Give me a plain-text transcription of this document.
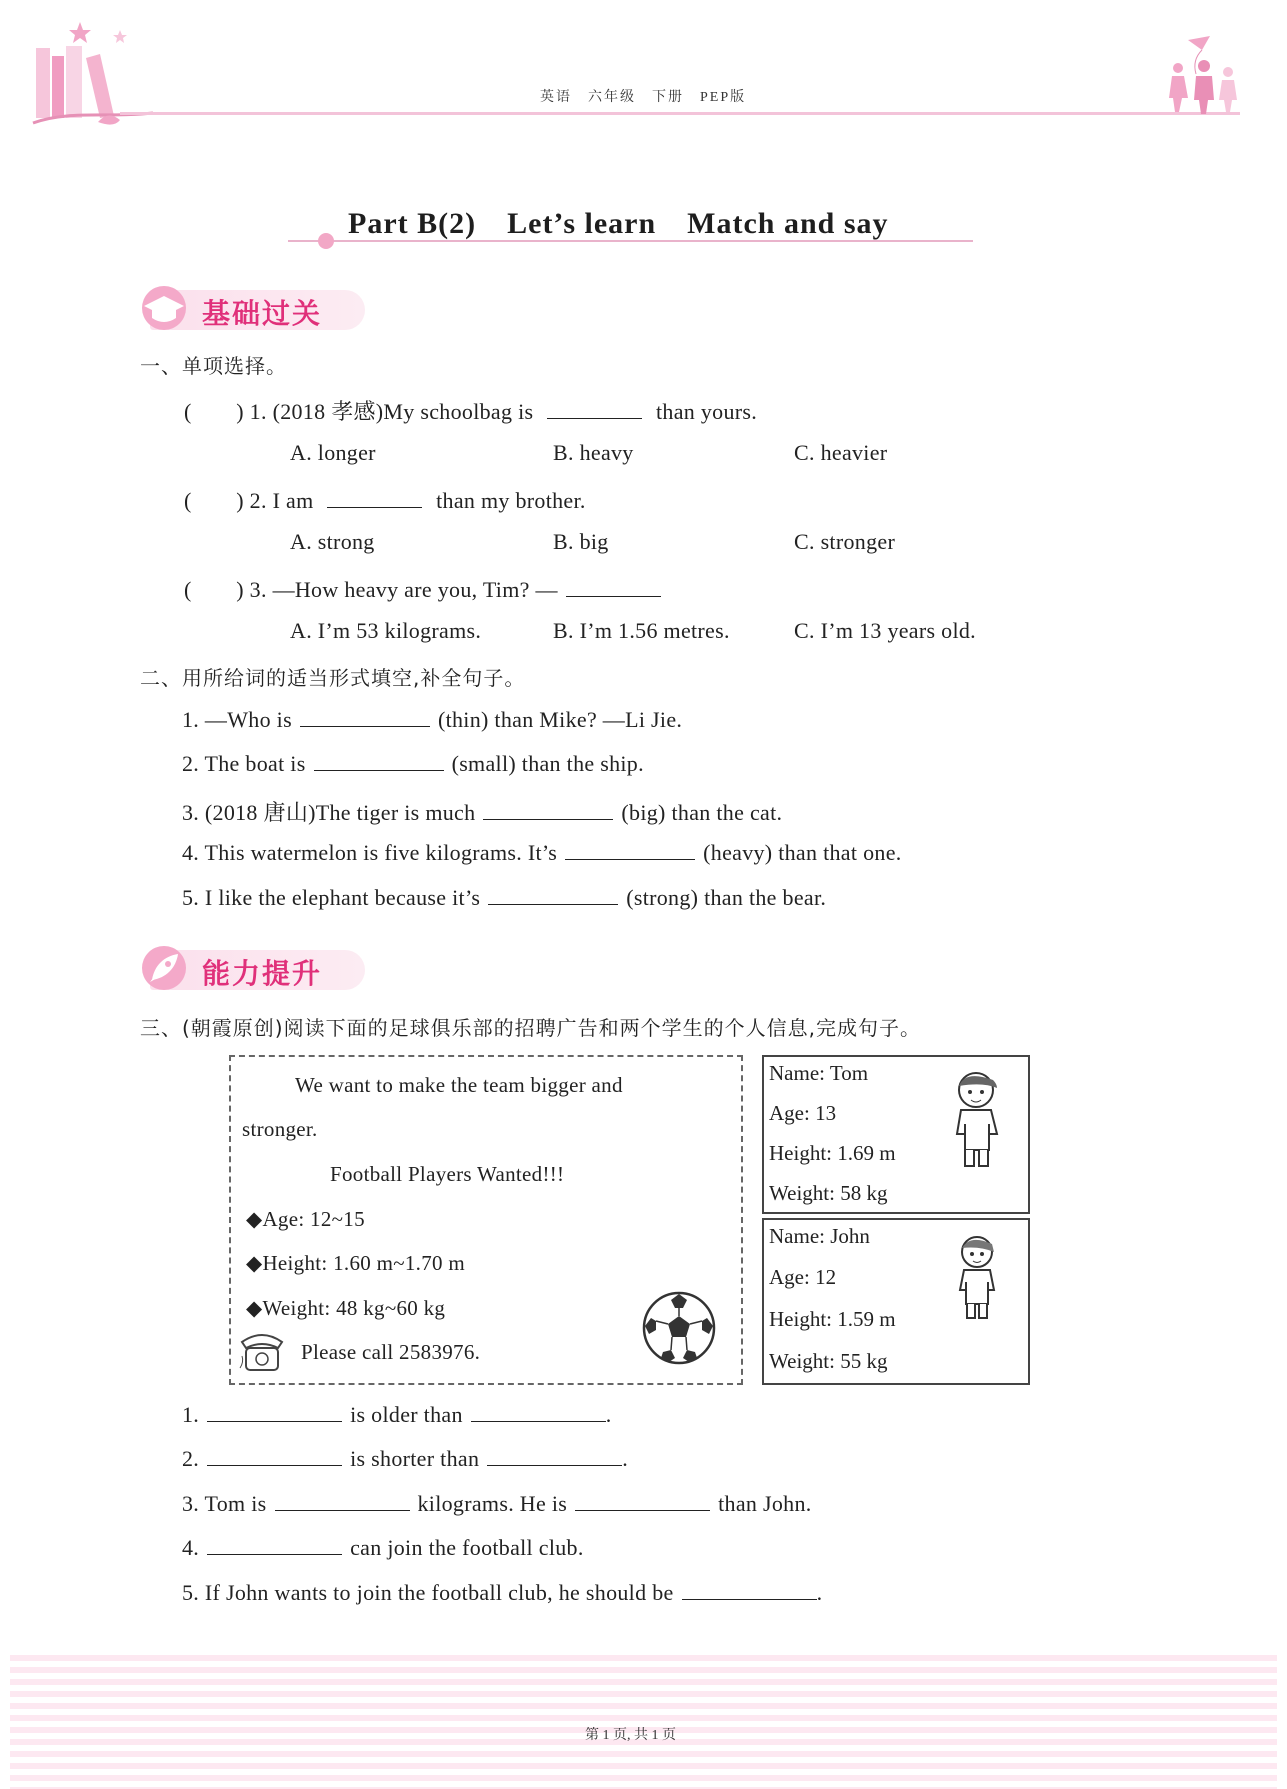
英语　六年级　下册　PEP版
Part B(2)　Let’s learn　Match and say
基础过关
一、单项选择。
(　　) 1. (2018 孝感)My schoolbag is	than yours.
A. longer	B. heavy	C. heavier
(　　) 2. I am	than my brother.
A. strong	B. big	C. stronger
(　　) 3. —How heavy are you, Tim? —
A. I’m 53 kilograms.	B. I’m 1.56 metres.	C. I’m 13 years old.
二、用所给词的适当形式填空,补全句子。
1. —Who is	(thin) than Mike? —Li Jie.
2. The boat is	(small) than the ship.
3. (2018 唐山)The tiger is much	(big) than the cat.
4. This watermelon is five kilograms. It’s	(heavy) than that one.
5. I like the elephant because it’s	(strong) than the bear.
能力提升
三、(朝霞原创)阅读下面的足球俱乐部的招聘广告和两个学生的个人信息,完成句子。
We want to make the team bigger and
stronger.
Football Players Wanted!!!
◆Age: 12~15
◆Height: 1.60 m~1.70 m
◆Weight: 48 kg~60 kg
Please call 2583976.
Name: Tom
Age: 13
Height: 1.69 m
Weight: 58 kg
Name: John
Age: 12
Height: 1.59 m
Weight: 55 kg
1.	is older than	.
2.	is shorter than	.
3. Tom is	kilograms. He is	than John.
4.	can join the football club.
5. If John wants to join the football club, he should be	.
第 1 页, 共 1 页
